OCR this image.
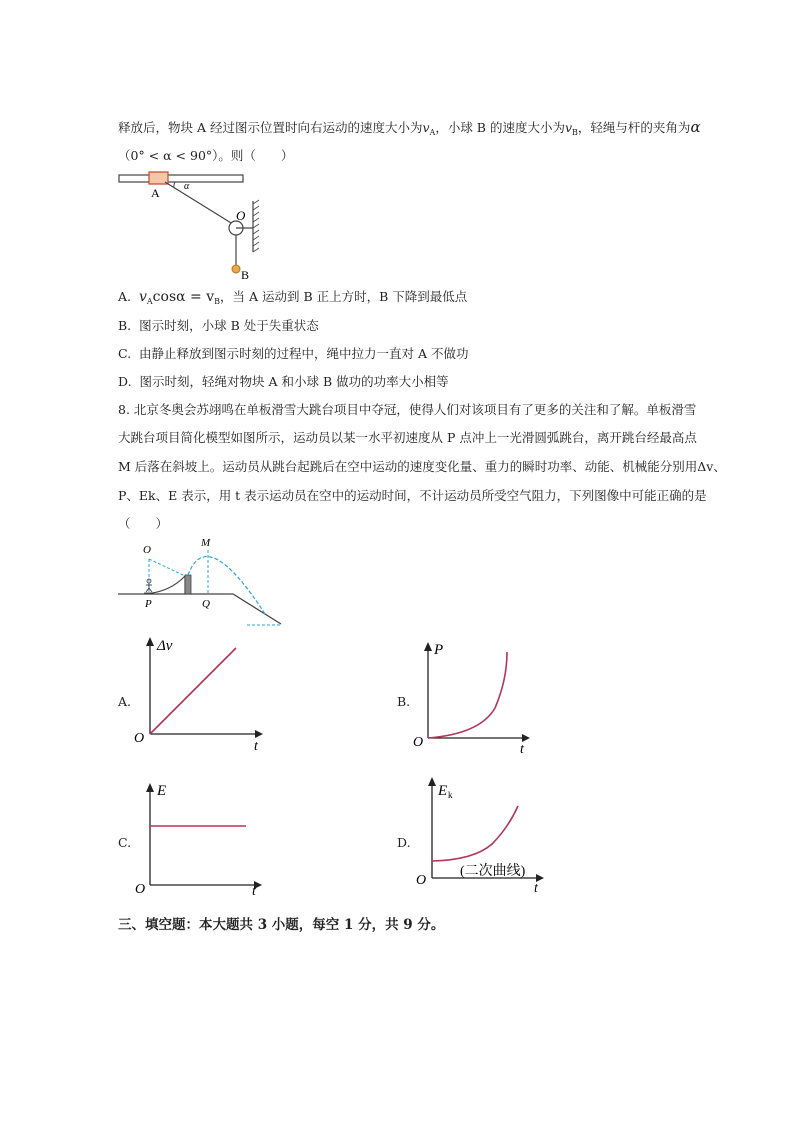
释放后，物块 A 经过图示位置时向右运动的速度大小为$v_A$，小球 B 的速度大小为$v_B$，轻绳与杆的夹角为α
（0° < α < 90°）。则（　　）
α
A
O
B
A. $v_A\cos\alpha = v_B$，当 A 运动到 B 正上方时，B 下降到最低点
B. 图示时刻，小球 B 处于失重状态
C. 由静止释放到图示时刻的过程中，绳中拉力一直对 A 不做功
D. 图示时刻，轻绳对物块 A 和小球 B 做功的功率大小相等
8. 北京冬奥会苏翊鸣在单板滑雪大跳台项目中夺冠，使得人们对该项目有了更多的关注和了解。单板滑雪
大跳台项目简化模型如图所示，运动员以某一水平初速度从 P 点冲上一光滑圆弧跳台，离开跳台经最高点
M 后落在斜坡上。运动员从跳台起跳后在空中运动的速度变化量、重力的瞬时功率、动能、机械能分别用Δv、
P、Ek、E 表示，用 t 表示运动员在空中的运动时间，不计运动员所受空气阻力，下列图像中可能正确的是
（　　）
O
M
P	Q
A.
Δv
t
O
B.
P
t
O
C.
E
t
O
D.
E k
(二次曲线)
t
O
三、填空题：本大题共 3 小题，每空 1 分，共 9 分。
